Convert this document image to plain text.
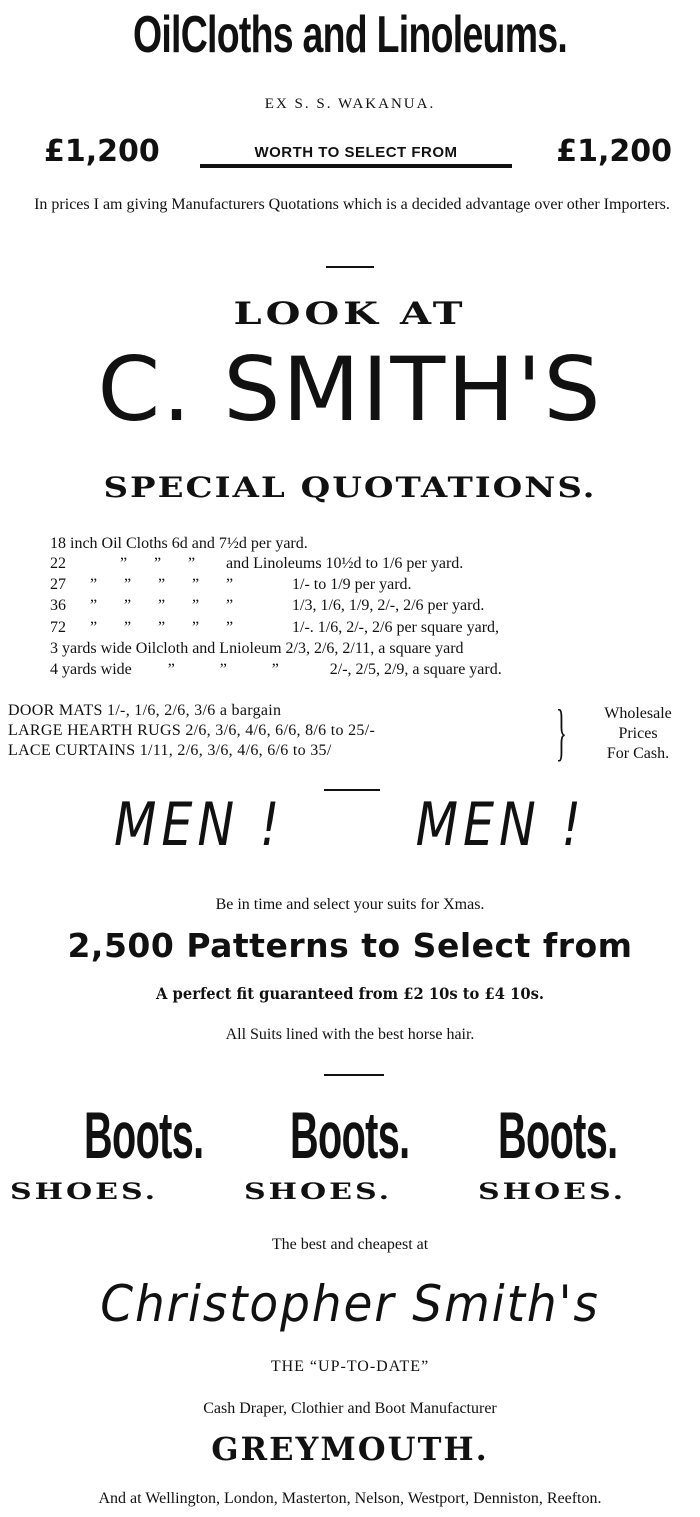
OilCloths and Linoleums.
EX S. S. WAKANUA.
£1,200	WORTH TO SELECT FROM	£1,200
In prices I am giving Manufacturers Quotations which is a decided advantage over other Importers.
LOOK AT
C. SMITH'S
SPECIAL QUOTATIONS.
18 inch Oil Cloths 6d and 7½d per yard.
22	” ” ” and Linoleums 10½d to 1/6 per yard.
27 ” ” ” ” ”	1/- to 1/9 per yard.
36 ” ” ” ” ”	1/3, 1/6, 1/9, 2/-, 2/6 per yard.
72 ” ” ” ” ”	1/-. 1/6, 2/-, 2/6 per square yard,
3 yards wide Oilcloth and Lnioleum 2/3, 2/6, 2/11, a square yard
4 yards wide ”	”	”	2/-, 2/5, 2/9, a square yard.
DOOR MATS 1/-, 1/6, 2/6, 3/6 a bargain
LARGE HEARTH RUGS 2/6, 3/6, 4/6, 6/6, 8/6 to 25/-
LACE CURTAINS 1/11, 2/6, 3/6, 4/6, 6/6 to 35/	}	Wholesale
Prices
For Cash.
MEN ! MEN !
Be in time and select your suits for Xmas.
2,500 Patterns to Select from
A perfect fit guaranteed from £2 10s to £4 10s.
All Suits lined with the best horse hair.
Boots. Boots. Boots.
SHOES.	SHOES.	SHOES.
The best and cheapest at
Christopher Smith's
THE “UP-TO-DATE”
Cash Draper, Clothier and Boot Manufacturer
GREYMOUTH.
And at Wellington, London, Masterton, Nelson, Westport, Denniston, Reefton.
